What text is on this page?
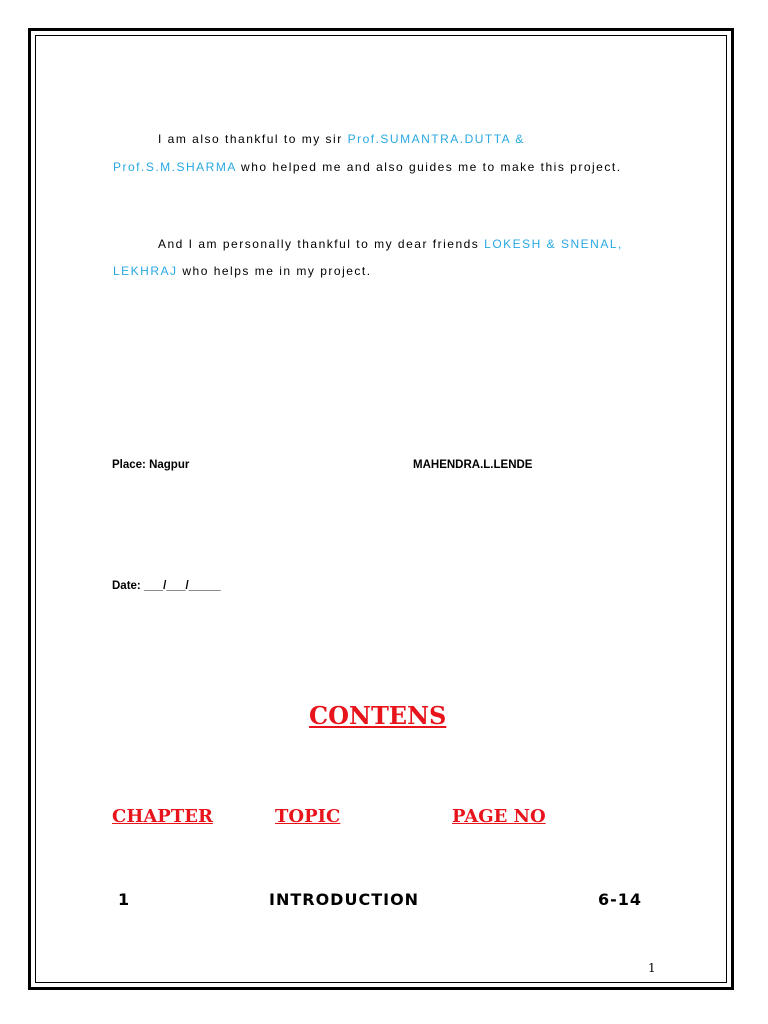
I am also thankful to my sir Prof.SUMANTRA.DUTTA &
Prof.S.M.SHARMA who helped me and also guides me to make this project.
And I am personally thankful to my dear friends LOKESH & SNENAL,
LEKHRAJ who helps me in my project.
Place: Nagpur	MAHENDRA.L.LENDE
Date: ___/___/_____
CONTENS
CHAPTER	TOPIC	PAGE NO
1	INTRODUCTION	6-14
1
